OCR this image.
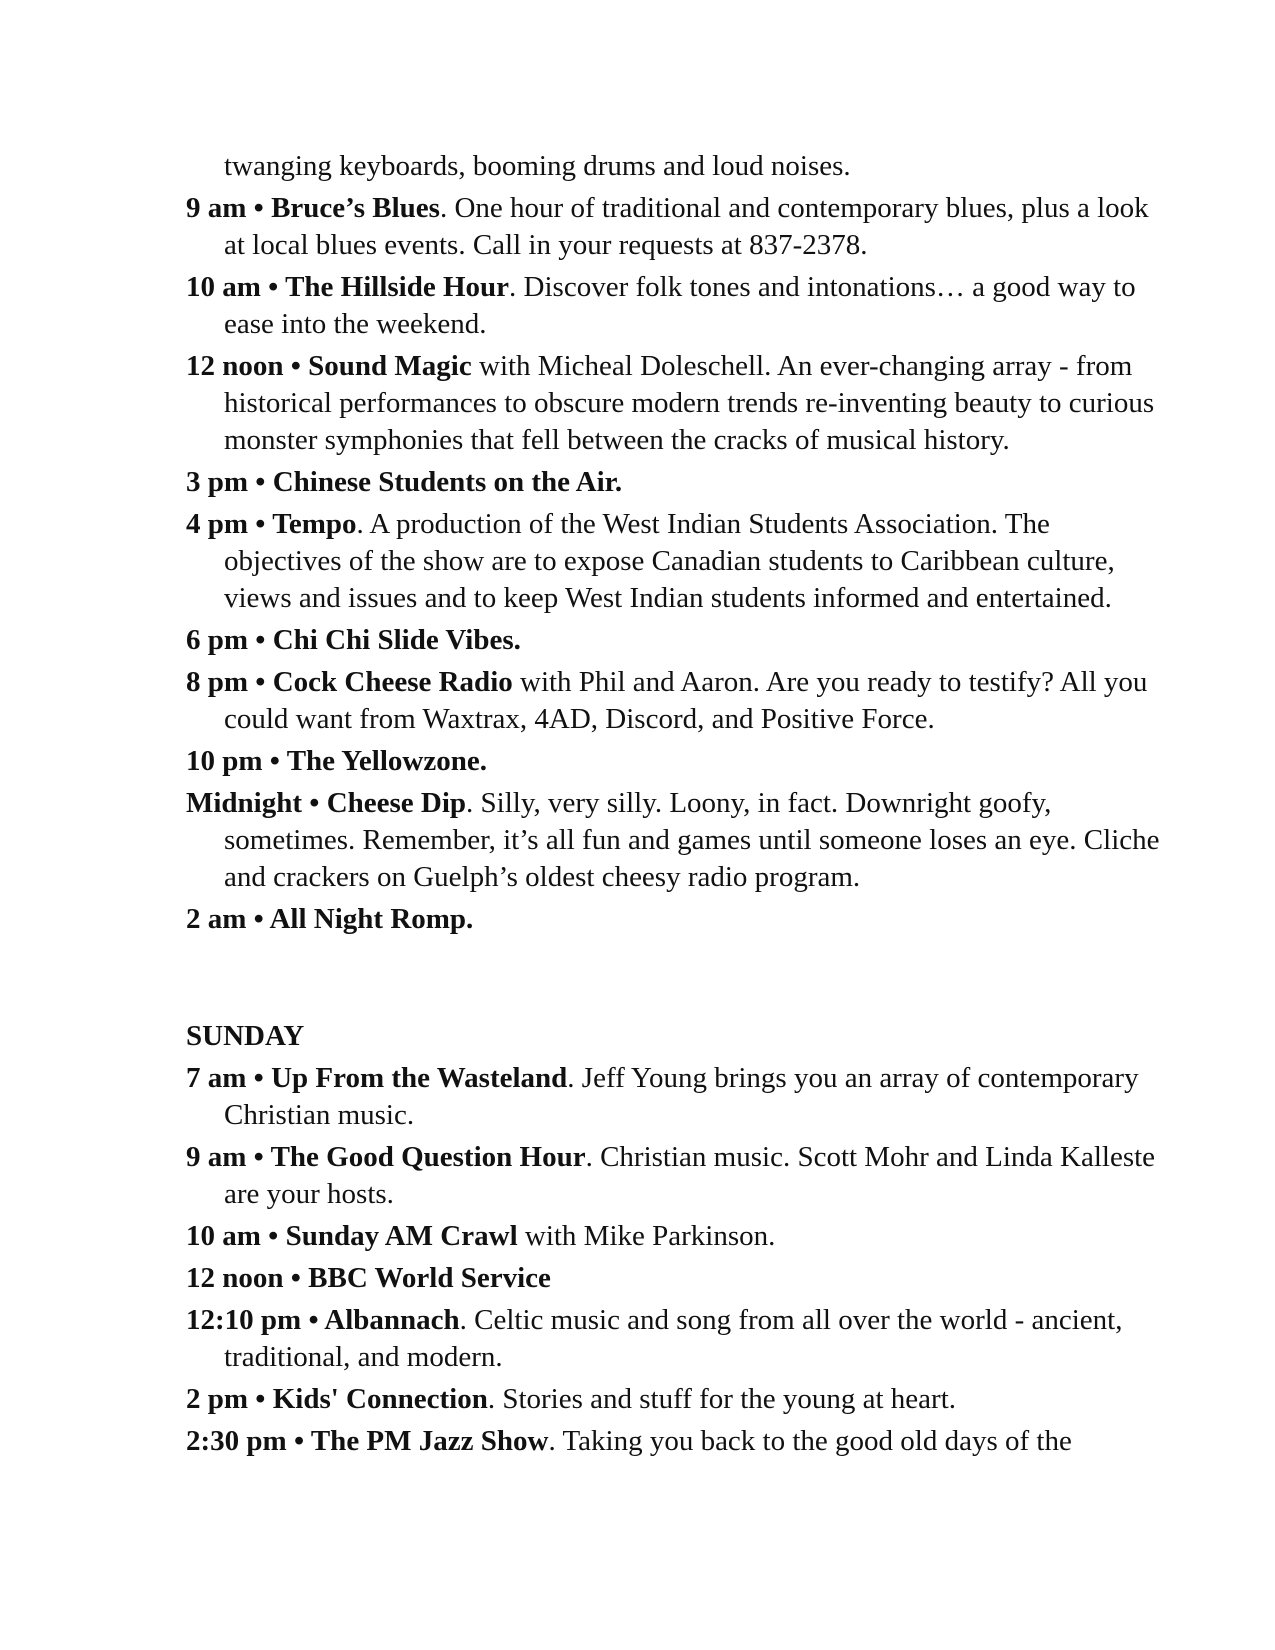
twanging keyboards, booming drums and loud noises.

9 am • Bruce’s Blues. One hour of traditional and contemporary blues, plus a look at local blues events. Call in your requests at 837-2378.

10 am • The Hillside Hour. Discover folk tones and intonations… a good way to ease into the weekend.

12 noon • Sound Magic with Micheal Doleschell. An ever-changing array - from historical performances to obscure modern trends re-inventing beauty to curious monster symphonies that fell between the cracks of musical history.

3 pm • Chinese Students on the Air.

4 pm • Tempo. A production of the West Indian Students Association. The objectives of the show are to expose Canadian students to Caribbean culture, views and issues and to keep West Indian students informed and entertained.

6 pm • Chi Chi Slide Vibes.

8 pm • Cock Cheese Radio with Phil and Aaron. Are you ready to testify? All you could want from Waxtrax, 4AD, Discord, and Positive Force.

10 pm • The Yellowzone.

Midnight • Cheese Dip. Silly, very silly. Loony, in fact. Downright goofy, sometimes. Remember, it’s all fun and games until someone loses an eye. Cliche and crackers on Guelph’s oldest cheesy radio program.

2 am • All Night Romp.

SUNDAY

7 am • Up From the Wasteland. Jeff Young brings you an array of contemporary Christian music.

9 am • The Good Question Hour. Christian music. Scott Mohr and Linda Kalleste are your hosts.

10 am • Sunday AM Crawl with Mike Parkinson.

12 noon • BBC World Service

12:10 pm • Albannach. Celtic music and song from all over the world - ancient, traditional, and modern.

2 pm • Kids' Connection. Stories and stuff for the young at heart.

2:30 pm • The PM Jazz Show. Taking you back to the good old days of the
